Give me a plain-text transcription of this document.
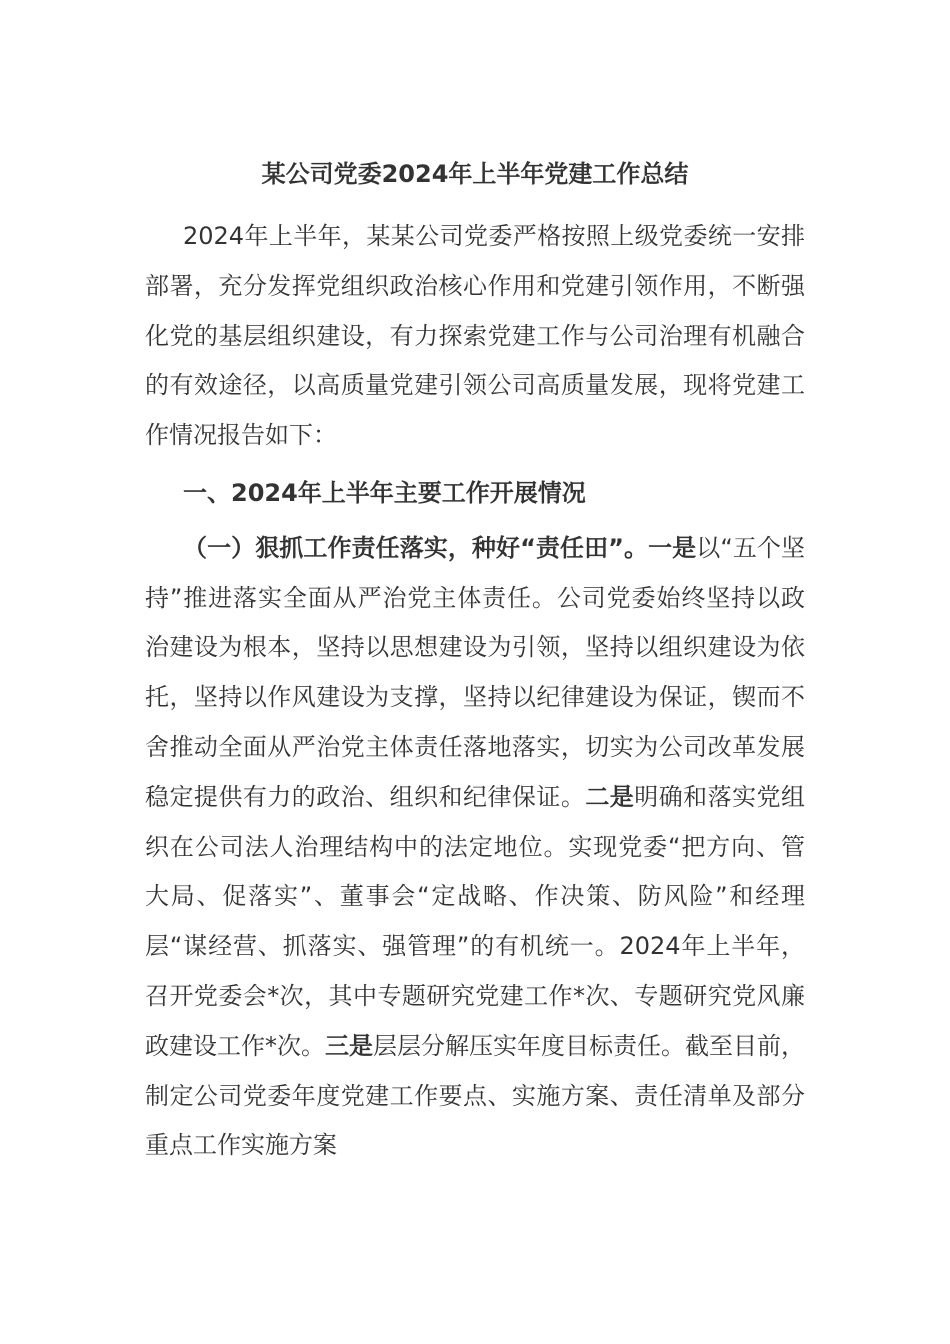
某公司党委2024年上半年党建工作总结

2024年上半年，某某公司党委严格按照上级党委统一安排部署，充分发挥党组织政治核心作用和党建引领作用，不断强化党的基层组织建设，有力探索党建工作与公司治理有机融合的有效途径，以高质量党建引领公司高质量发展，现将党建工作情况报告如下：

一、2024年上半年主要工作开展情况

（一）狠抓工作责任落实，种好“责任田”。一是以“五个坚持”推进落实全面从严治党主体责任。公司党委始终坚持以政治建设为根本，坚持以思想建设为引领，坚持以组织建设为依托，坚持以作风建设为支撑，坚持以纪律建设为保证，锲而不舍推动全面从严治党主体责任落地落实，切实为公司改革发展稳定提供有力的政治、组织和纪律保证。二是明确和落实党组织在公司法人治理结构中的法定地位。实现党委“把方向、管大局、促落实”、董事会“定战略、作决策、防风险”和经理层“谋经营、抓落实、强管理”的有机统一。2024年上半年，召开党委会*次，其中专题研究党建工作*次、专题研究党风廉政建设工作*次。三是层层分解压实年度目标责任。截至目前，制定公司党委年度党建工作要点、实施方案、责任清单及部分重点工作实施方案
